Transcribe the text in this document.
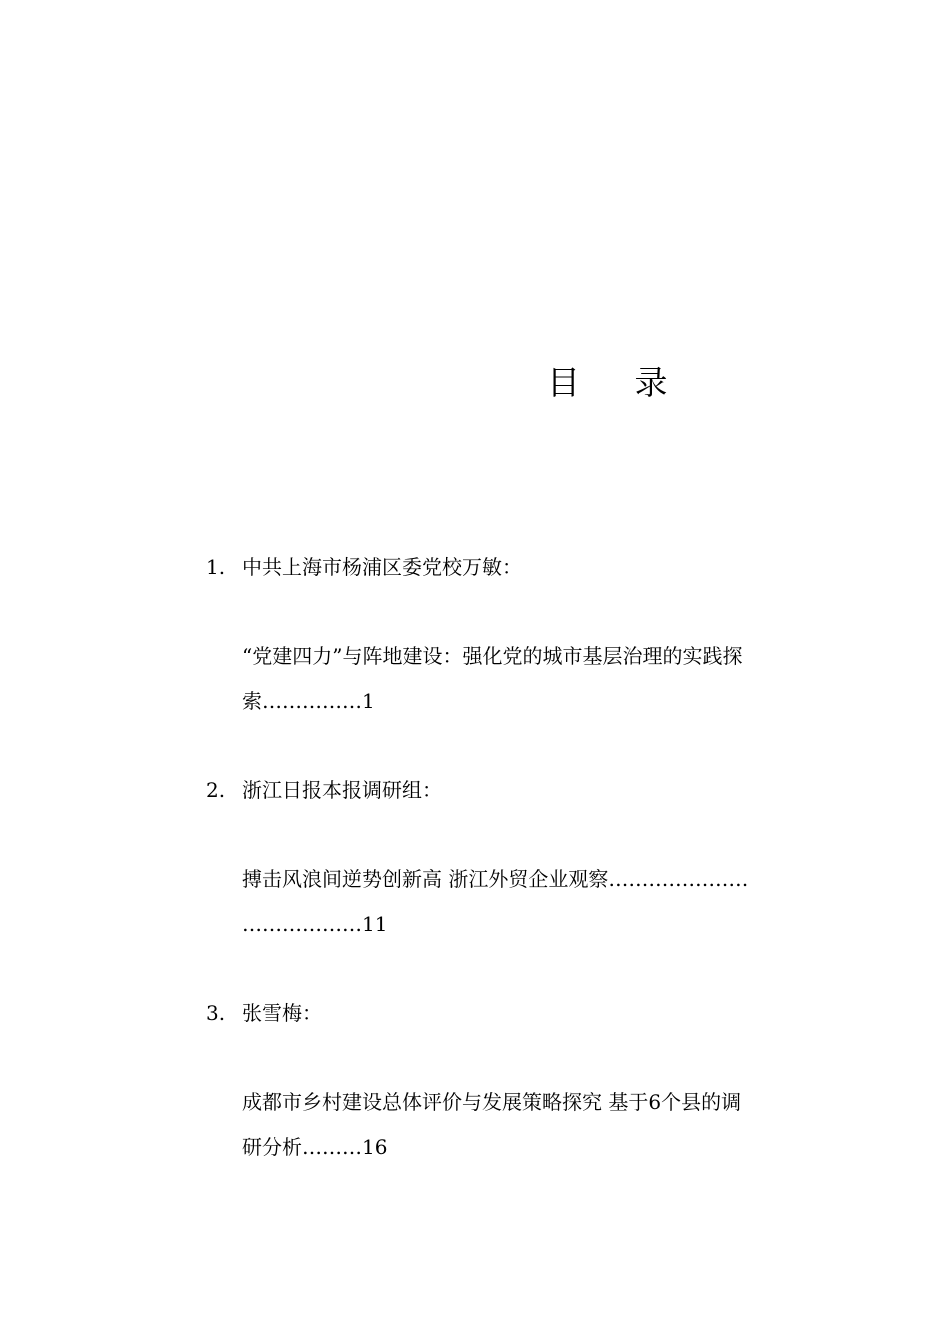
目 录
1. 中共上海市杨浦区委党校万敏：
“党建四力”与阵地建设：强化党的城市基层治理的实践探
索……………1
2. 浙江日报本报调研组：
搏击风浪间逆势创新高 浙江外贸企业观察…………………
………………11
3. 张雪梅：
成都市乡村建设总体评价与发展策略探究 基于6个县的调
研分析………16
